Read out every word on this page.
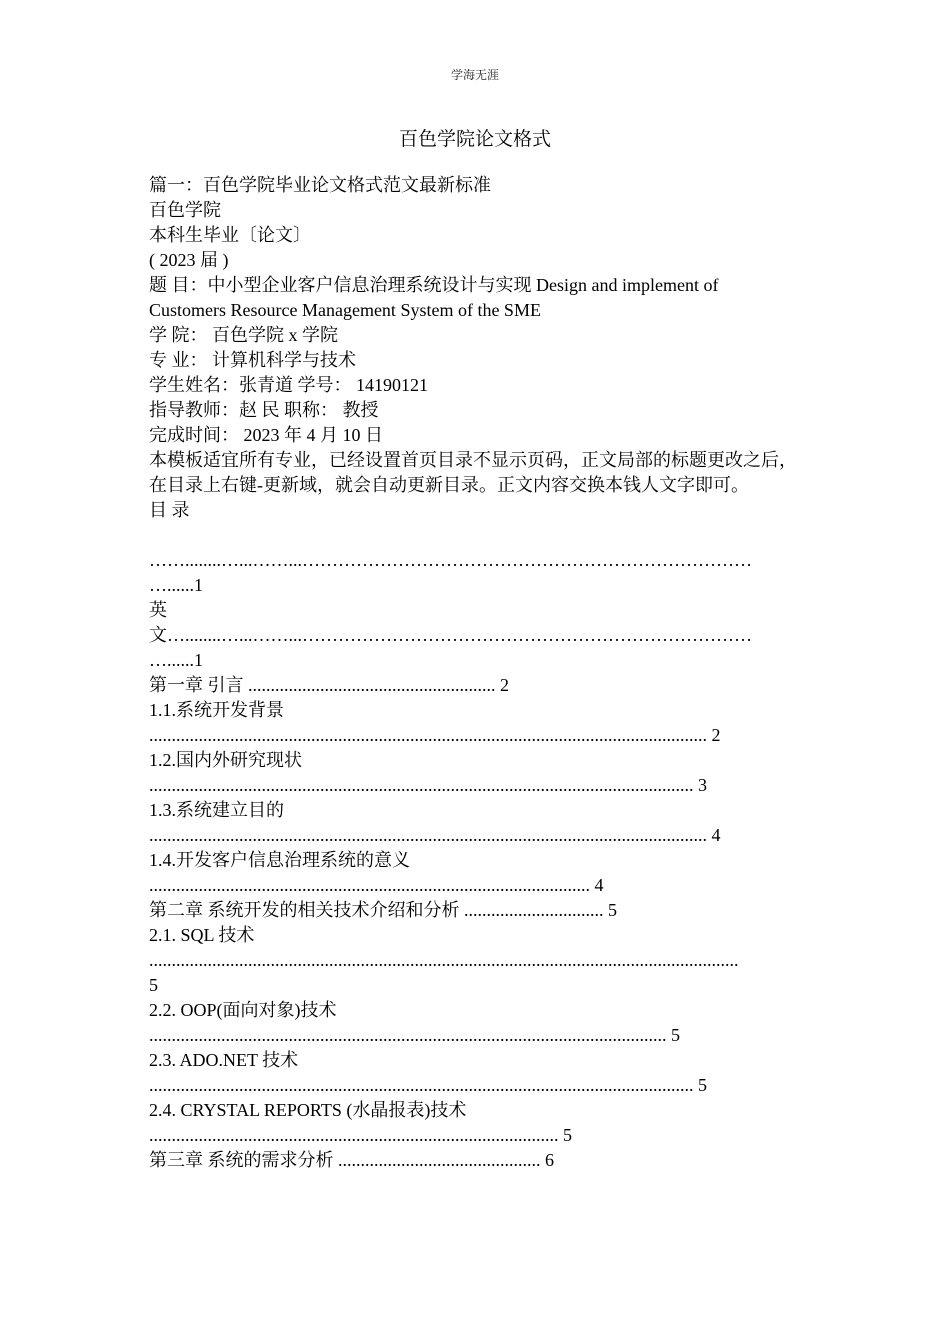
学海无涯
百色学院论文格式
篇一：百色学院毕业论文格式范文最新标准
百色学院
本科生毕业〔论文〕
( 2023 届 )
题 目：中小型企业客户信息治理系统设计与实现 Design and implement of
Customers Resource Management System of the SME
学 院： 百色学院 x 学院
专 业： 计算机科学与技术
学生姓名：张青道 学号： 14190121
指导教师：赵 民 职称： 教授
完成时间： 2023 年 4 月 10 日
本模板适宜所有专业，已经设置首页目录不显示页码，正文局部的标题更改之后，
在目录上右键-更新域，就会自动更新目录。正文内容交换本钱人文字即可。
目 录
……........…...……...…………………………………………………………………
…......1
英
文…........…...……...…………………………………………………………………
…......1
第一章 引言 ....................................................... 2
1.1.系统开发背景
............................................................................................................................ 2
1.2.国内外研究现状
......................................................................................................................... 3
1.3.系统建立目的
............................................................................................................................ 4
1.4.开发客户信息治理系统的意义
.................................................................................................. 4
第二章 系统开发的相关技术介绍和分析 ............................... 5
2.1. SQL 技术
...................................................................................................................................
5
2.2. OOP(面向对象)技术
................................................................................................................... 5
2.3. ADO.NET 技术
......................................................................................................................... 5
2.4. CRYSTAL REPORTS (水晶报表)技术
........................................................................................... 5
第三章 系统的需求分析 ............................................. 6
